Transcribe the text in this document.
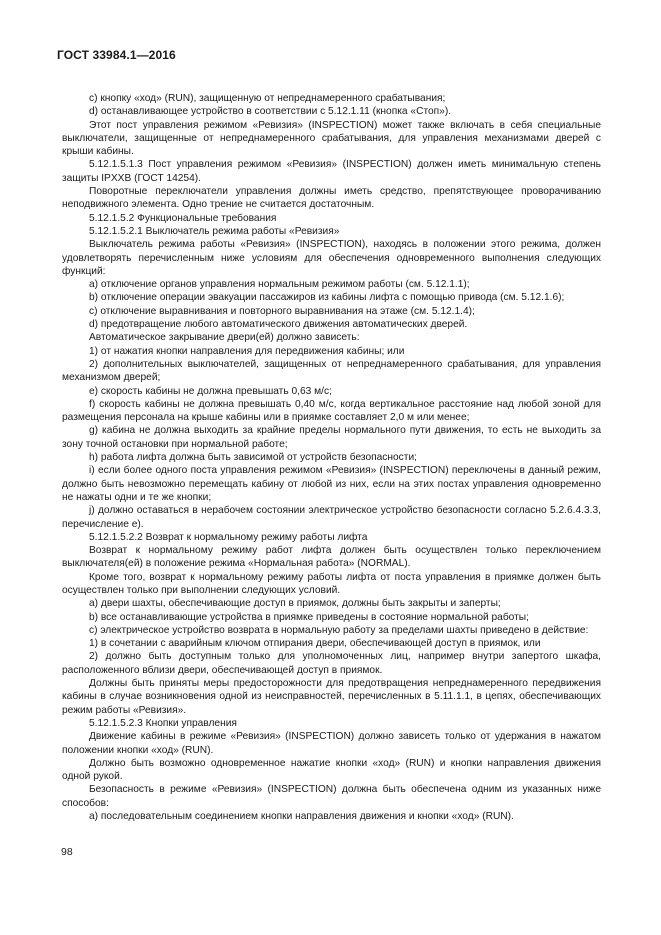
ГОСТ 33984.1—2016

c) кнопку «ход» (RUN), защищенную от непреднамеренного срабатывания;

d) останавливающее устройство в соответствии с 5.12.1.11 (кнопка «Стоп»).

Этот пост управления режимом «Ревизия» (INSPECTION) может также включать в себя специальные выключатели, защищенные от непреднамеренного срабатывания, для управления механизмами дверей с крыши кабины.

5.12.1.5.1.3 Пост управления режимом «Ревизия» (INSPECTION) должен иметь минимальную степень защиты IPXXB (ГОСТ 14254).

Поворотные переключатели управления должны иметь средство, препятствующее проворачиванию неподвижного элемента. Одно трение не считается достаточным.

5.12.1.5.2 Функциональные требования

5.12.1.5.2.1 Выключатель режима работы «Ревизия»

Выключатель режима работы «Ревизия» (INSPECTION), находясь в положении этого режима, должен удовлетворять перечисленным ниже условиям для обеспечения одновременного выполнения следующих функций:

a) отключение органов управления нормальным режимом работы (см. 5.12.1.1);

b) отключение операции эвакуации пассажиров из кабины лифта с помощью привода (см. 5.12.1.6);

c) отключение выравнивания и повторного выравнивания на этаже (см. 5.12.1.4);

d) предотвращение любого автоматического движения автоматических дверей.

Автоматическое закрывание двери(ей) должно зависеть:

1) от нажатия кнопки направления для передвижения кабины; или

2) дополнительных выключателей, защищенных от непреднамеренного срабатывания, для управления механизмом дверей;

e) скорость кабины не должна превышать 0,63 м/с;

f) скорость кабины не должна превышать 0,40 м/с, когда вертикальное расстояние над любой зоной для размещения персонала на крыше кабины или в приямке составляет 2,0 м или менее;

g) кабина не должна выходить за крайние пределы нормального пути движения, то есть не выходить за зону точной остановки при нормальной работе;

h) работа лифта должна быть зависимой от устройств безопасности;

i) если более одного поста управления режимом «Ревизия» (INSPECTION) переключены в данный режим, должно быть невозможно перемещать кабину от любой из них, если на этих постах управления одновременно не нажаты одни и те же кнопки;

j) должно оставаться в нерабочем состоянии электрическое устройство безопасности согласно 5.2.6.4.3.3, перечисление е).

5.12.1.5.2.2 Возврат к нормальному режиму работы лифта

Возврат к нормальному режиму работ лифта должен быть осуществлен только переключением выключателя(ей) в положение режима «Нормальная работа» (NORMAL).

Кроме того, возврат к нормальному режиму работы лифта от поста управления в приямке должен быть осуществлен только при выполнении следующих условий.

a) двери шахты, обеспечивающие доступ в приямок, должны быть закрыты и заперты;

b) все останавливающие устройства в приямке приведены в состояние нормальной работы;

c) электрическое устройство возврата в нормальную работу за пределами шахты приведено в действие:

1) в сочетании с аварийным ключом отпирания двери, обеспечивающей доступ в приямок, или

2) должно быть доступным только для уполномоченных лиц, например внутри запертого шкафа, расположенного вблизи двери, обеспечивающей доступ в приямок.

Должны быть приняты меры предосторожности для предотвращения непреднамеренного передвижения кабины в случае возникновения одной из неисправностей, перечисленных в 5.11.1.1, в цепях, обеспечивающих режим работы «Ревизия».

5.12.1.5.2.3 Кнопки управления

Движение кабины в режиме «Ревизия» (INSPECTION) должно зависеть только от удержания в нажатом положении кнопки «ход» (RUN).

Должно быть возможно одновременное нажатие кнопки «ход» (RUN) и кнопки направления движения одной рукой.

Безопасность в режиме «Ревизия» (INSPECTION) должна быть обеспечена одним из указанных ниже способов:

a) последовательным соединением кнопки направления движения и кнопки «ход» (RUN).

98
